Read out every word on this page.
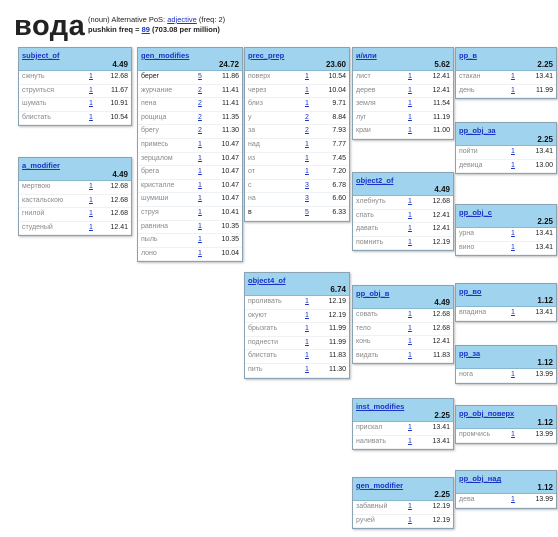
вода (noun) Alternative PoS: adjective (freq: 2)
pushkin freq = 89 (703.08 per million)
subject_of
4.49
сжнуть	1	12.68
струиться	1	11.67
шумать	1	10.91
блистать	1	10.54
a_modifier
4.49
мертвою	1	12.68
кастальскою	1	12.68
гнилой	1	12.68
студеный	1	12.41
gen_modifies
24.72
берег	5	11.86
журчание	2	11.41
пена	2	11.41
рощица	2	11.35
брегу	2	11.30
примесь	1	10.47
зерцалом	1	10.47
брега	1	10.47
кристалле	1	10.47
шумиши	1	10.47
струя	1	10.41
равнина	1	10.35
пыль	1	10.35
лоно	1	10.04
prec_prep
23.60
поверх	1	10.54
через	1	10.04
близ	1	9.71
у	2	8.84
за	2	7.93
над	1	7.77
из	1	7.45
от	1	7.20
с	3	6.78
на	3	6.60
в	5	6.33
object4_of
6.74
проливать	1	12.19
окуют	1	12.19
брызгать	1	11.99
поднести	1	11.99
блистать	1	11.83
пить	1	11.30
и/или
5.62
лист	1	12.41
дерев	1	12.41
земля	1	11.54
луг	1	11.19
краи	1	11.00
object2_of
4.49
хлебнуть	1	12.68
спать	1	12.41
давать	1	12.41
помнить	1	12.19
pp_obj_в
4.49
совать	1	12.68
тело	1	12.68
конь	1	12.41
видать	1	11.83
inst_modifies
2.25
прискал	1	13.41
наливать	1	13.41
gen_modifier
2.25
забавный	1	12.19
ручей	1	12.19
pp_в
2.25
стакан	1	13.41
день	1	11.99
pp_obj_за
2.25
пойти	1	13.41
девица	1	13.00
pp_obj_с
2.25
урна	1	13.41
вино	1	13.41
pp_во
1.12
впадина	1	13.41
pp_за
1.12
нога	1	13.99
pp_obj_поверх
1.12
промчись	1	13.99
pp_obj_над
1.12
дева	1	13.99
